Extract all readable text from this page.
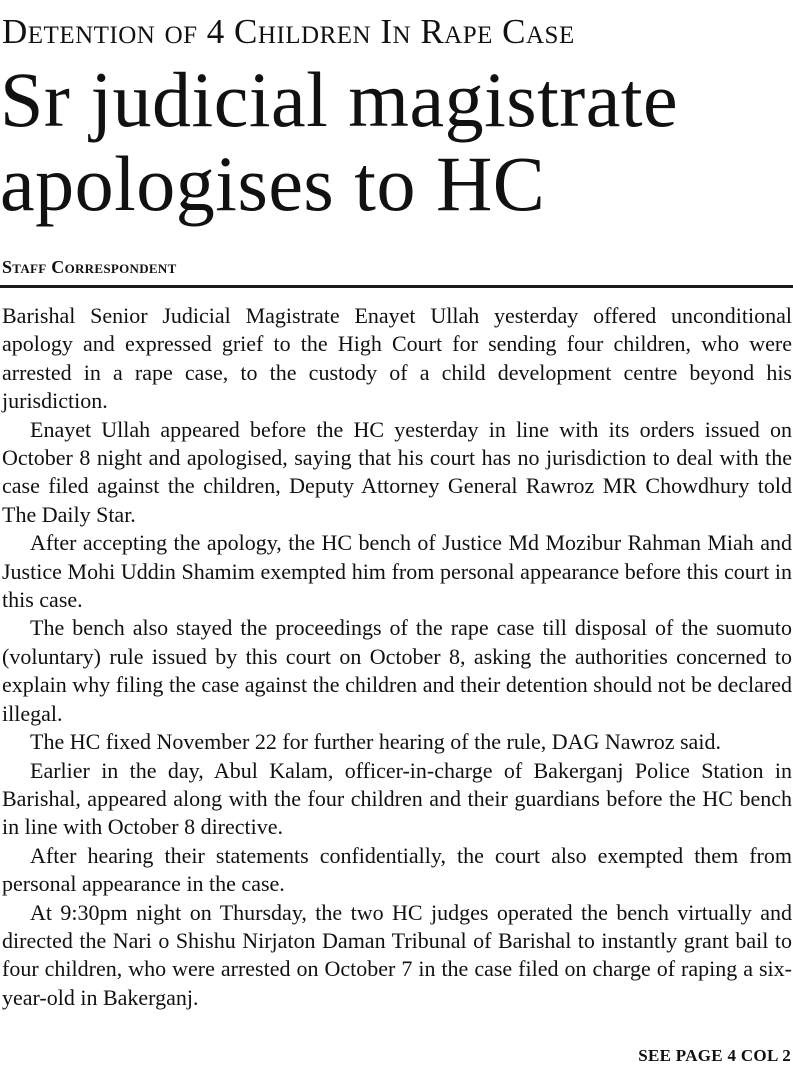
Detention of 4 Children In Rape Case
Sr judicial magistrate
apologises to HC
Staff Correspondent

Barishal Senior Judicial Magistrate Enayet Ullah yesterday offered unconditional apology and expressed grief to the High Court for sending four children, who were arrested in a rape case, to the custody of a child development centre beyond his jurisdiction.

Enayet Ullah appeared before the HC yesterday in line with its orders issued on October 8 night and apologised, saying that his court has no jurisdiction to deal with the case filed against the children, Deputy Attorney General Rawroz MR Chowdhury told The Daily Star.

After accepting the apology, the HC bench of Justice Md Mozibur Rahman Miah and Justice Mohi Uddin Shamim exempted him from personal appearance before this court in this case.

The bench also stayed the proceedings of the rape case till disposal of the suomuto (voluntary) rule issued by this court on October 8, asking the authorities concerned to explain why filing the case against the children and their detention should not be declared illegal.

The HC fixed November 22 for further hearing of the rule, DAG Nawroz said.

Earlier in the day, Abul Kalam, officer-in-charge of Bakerganj Police Station in Barishal, appeared along with the four children and their guardians before the HC bench in line with October 8 directive.

After hearing their statements confidentially, the court also exempted them from personal appearance in the case.

At 9:30pm night on Thursday, the two HC judges operated the bench virtually and directed the Nari o Shishu Nirjaton Daman Tribunal of Barishal to instantly grant bail to four children, who were arrested on October 7 in the case filed on charge of raping a six-year-old in Bakerganj.

SEE PAGE 4 COL 2
